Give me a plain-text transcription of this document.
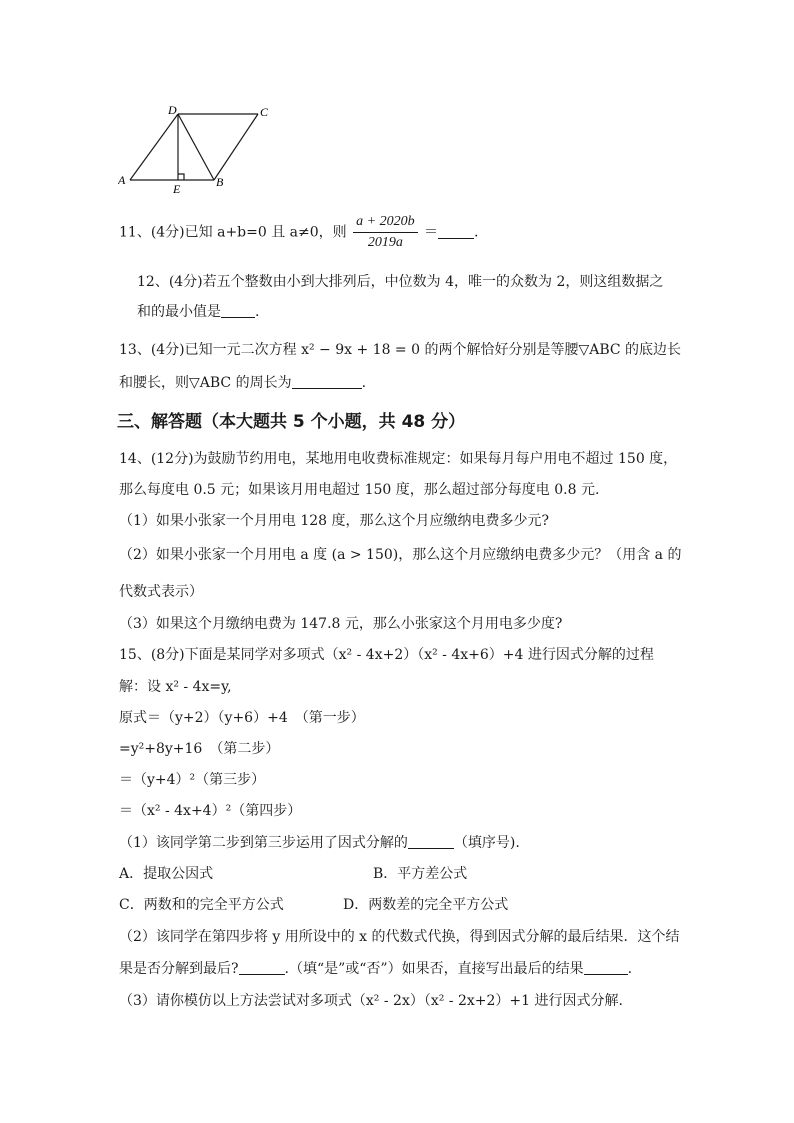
A	B
C
D
E
11、(4分)已知 a+b=0 且 a≠0，则 $\frac{a + 2020b}{2019a}$ ＝	.
12、(4分)若五个整数由小到大排列后，中位数为 4，唯一的众数为 2，则这组数据之
和的最小值是 .
13、(4分)已知一元二次方程 x² − 9x + 18 = 0 的两个解恰好分别是等腰▽ABC 的底边长
和腰长，则▽ABC 的周长为	.
三、解答题（本大题共 5 个小题，共 48 分）
14、(12分)为鼓励节约用电，某地用电收费标准规定：如果每月每户用电不超过 150 度，
那么每度电 0.5 元；如果该月用电超过 150 度，那么超过部分每度电 0.8 元.
（1）如果小张家一个月用电 128 度，那么这个月应缴纳电费多少元?
（2）如果小张家一个月用电 a 度 (a > 150)，那么这个月应缴纳电费多少元？（用含 a 的
代数式表示）
（3）如果这个月缴纳电费为 147.8 元，那么小张家这个月用电多少度?
15、(8分)下面是某同学对多项式（x² - 4x+2）（x² - 4x+6）+4 进行因式分解的过程
解：设 x² - 4x=y,
原式＝（y+2）（y+6）+4　（第一步）
=y²+8y+16　（第二步）
＝（y+4）²（第三步）
＝（x² - 4x+4）²（第四步）
（1）该同学第二步到第三步运用了因式分解的	（填序号).
A．提取公因式	B．平方差公式
C．两数和的完全平方公式	D．两数差的完全平方公式
（2）该同学在第四步将 y 用所设中的 x 的代数式代换，得到因式分解的最后结果．这个结
果是否分解到最后?	.（填“是”或“否”）如果否，直接写出最后的结果	.
（3）请你模仿以上方法尝试对多项式（x² - 2x）（x² - 2x+2）+1 进行因式分解.
